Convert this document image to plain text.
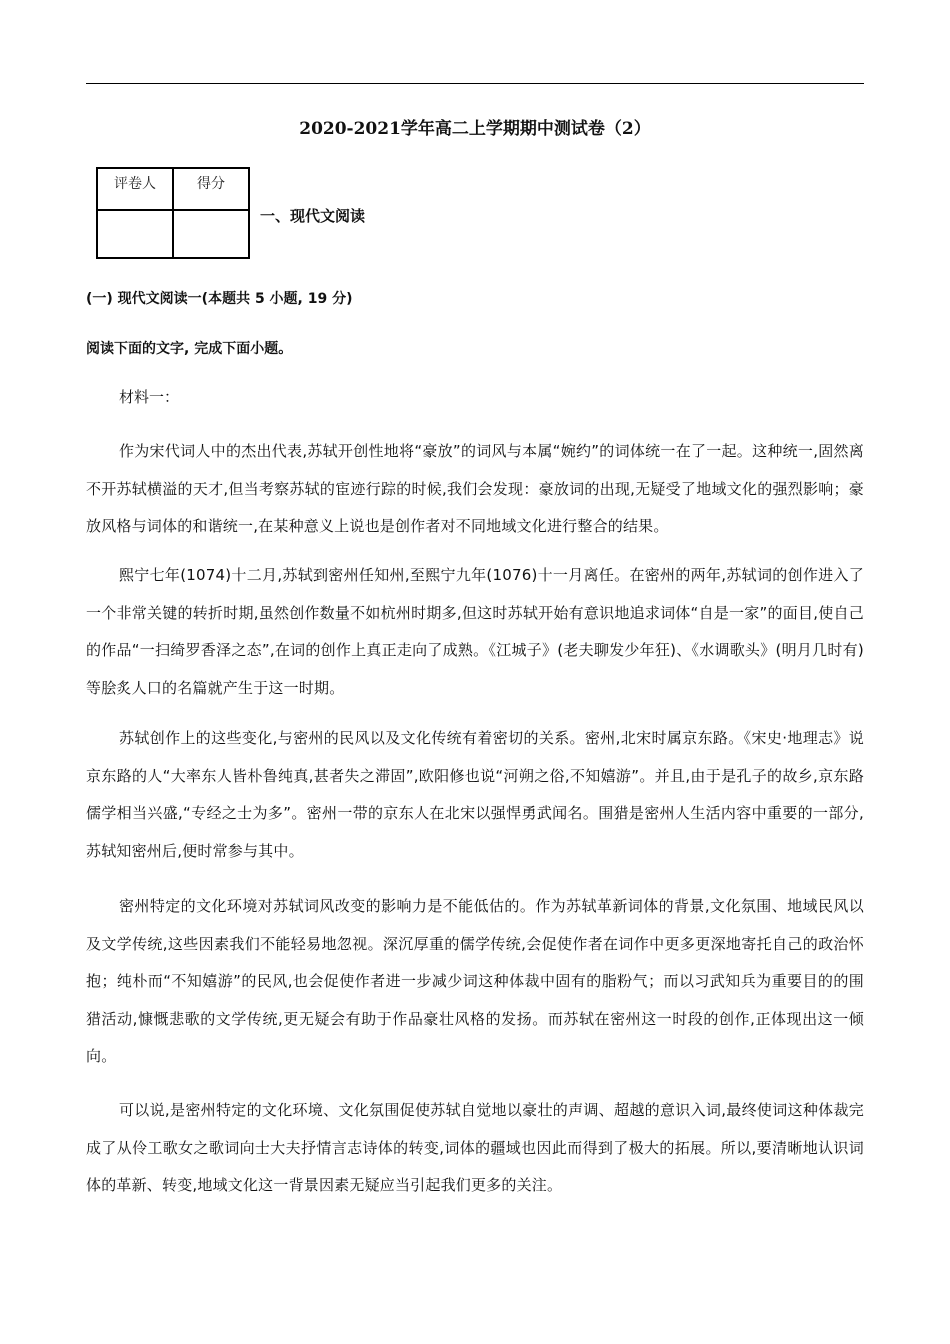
2020-2021学年高二上学期期中测试卷（2）
评卷人	得分

一、现代文阅读
(一) 现代文阅读一(本题共 5 小题, 19 分)
阅读下面的文字, 完成下面小题。
材料一：

作为宋代词人中的杰出代表,苏轼开创性地将“豪放”的词风与本属“婉约”的词体统一在了一起。这种统一,固然离不开苏轼横溢的天才,但当考察苏轼的宦迹行踪的时候,我们会发现：豪放词的出现,无疑受了地域文化的强烈影响；豪放风格与词体的和谐统一,在某种意义上说也是创作者对不同地域文化进行整合的结果。

熙宁七年(1074)十二月,苏轼到密州任知州,至熙宁九年(1076)十一月离任。在密州的两年,苏轼词的创作进入了一个非常关键的转折时期,虽然创作数量不如杭州时期多,但这时苏轼开始有意识地追求词体“自是一家”的面目,使自己的作品“一扫绮罗香泽之态”,在词的创作上真正走向了成熟。《江城子》(老夫聊发少年狂)、《水调歌头》(明月几时有)等脍炙人口的名篇就产生于这一时期。

苏轼创作上的这些变化,与密州的民风以及文化传统有着密切的关系。密州,北宋时属京东路。《宋史·地理志》说京东路的人“大率东人皆朴鲁纯真,甚者失之滞固”,欧阳修也说“河朔之俗,不知嬉游”。并且,由于是孔子的故乡,京东路儒学相当兴盛,“专经之士为多”。密州一带的京东人在北宋以强悍勇武闻名。围猎是密州人生活内容中重要的一部分,苏轼知密州后,便时常参与其中。

密州特定的文化环境对苏轼词风改变的影响力是不能低估的。作为苏轼革新词体的背景,文化氛围、地域民风以及文学传统,这些因素我们不能轻易地忽视。深沉厚重的儒学传统,会促使作者在词作中更多更深地寄托自己的政治怀抱；纯朴而“不知嬉游”的民风,也会促使作者进一步减少词这种体裁中固有的脂粉气；而以习武知兵为重要目的的围猎活动,慷慨悲歌的文学传统,更无疑会有助于作品豪壮风格的发扬。而苏轼在密州这一时段的创作,正体现出这一倾向。

可以说,是密州特定的文化环境、文化氛围促使苏轼自觉地以豪壮的声调、超越的意识入词,最终使词这种体裁完成了从伶工歌女之歌词向士大夫抒情言志诗体的转变,词体的疆域也因此而得到了极大的拓展。所以,要清晰地认识词体的革新、转变,地域文化这一背景因素无疑应当引起我们更多的关注。
